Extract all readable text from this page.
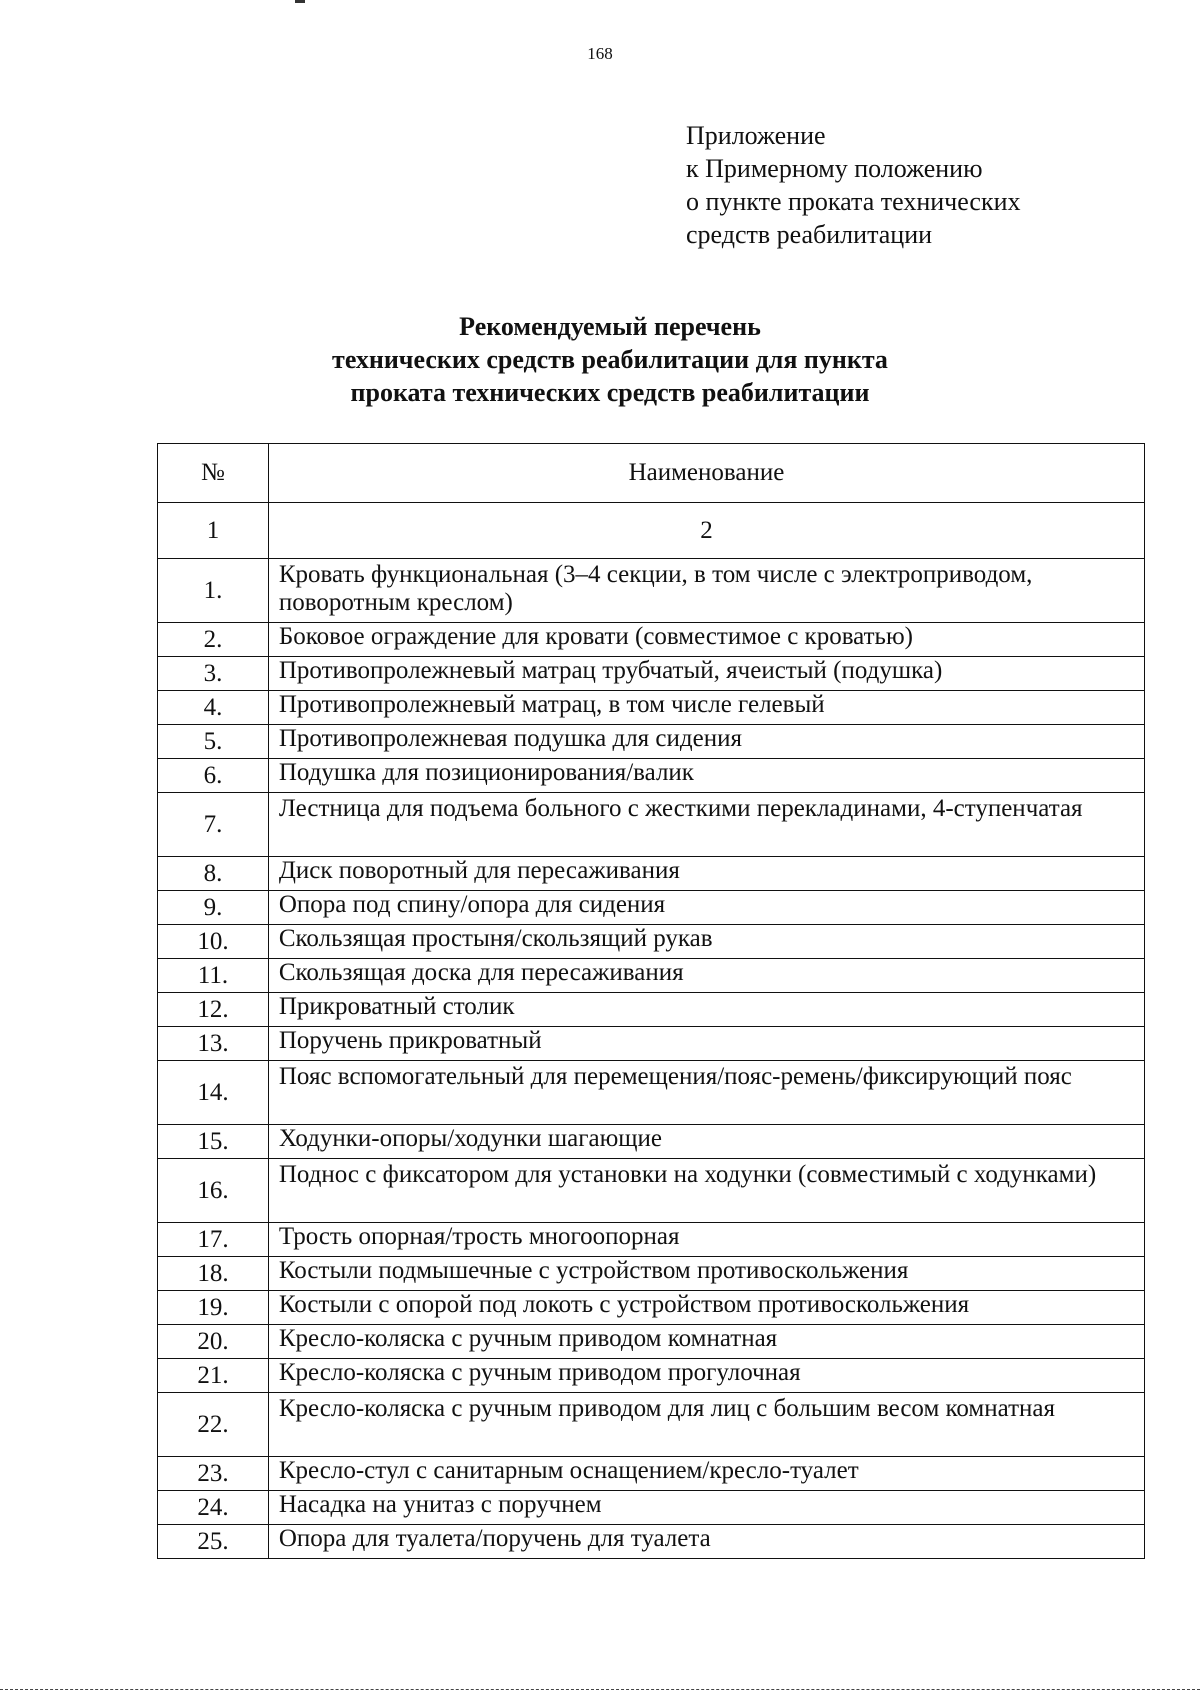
168
Приложение
к Примерному положению
о пункте проката технических
средств реабилитации
Рекомендуемый перечень
технических средств реабилитации для пункта
проката технических средств реабилитации
№	Наименование
1	2
1.	Кровать функциональная (3–4 секции, в том числе с электроприводом, поворотным креслом)
2.	Боковое ограждение для кровати (совместимое с кроватью)
3.	Противопролежневый матрац трубчатый, ячеистый (подушка)
4.	Противопролежневый матрац, в том числе гелевый
5.	Противопролежневая подушка для сидения
6.	Подушка для позиционирования/валик
7.	Лестница для подъема больного с жесткими перекладинами, 4-ступенчатая
8.	Диск поворотный для пересаживания
9.	Опора под спину/опора для сидения
10.	Скользящая простыня/скользящий рукав
11.	Скользящая доска для пересаживания
12.	Прикроватный столик
13.	Поручень прикроватный
14.	Пояс вспомогательный для перемещения/пояс-ремень/фиксирующий пояс
15.	Ходунки-опоры/ходунки шагающие
16.	Поднос с фиксатором для установки на ходунки (совместимый с ходунками)
17.	Трость опорная/трость многоопорная
18.	Костыли подмышечные с устройством противоскольжения
19.	Костыли с опорой под локоть с устройством противоскольжения
20.	Кресло-коляска с ручным приводом комнатная
21.	Кресло-коляска с ручным приводом прогулочная
22.	Кресло-коляска с ручным приводом для лиц с большим весом комнатная
23.	Кресло-стул с санитарным оснащением/кресло-туалет
24.	Насадка на унитаз с поручнем
25.	Опора для туалета/поручень для туалета
